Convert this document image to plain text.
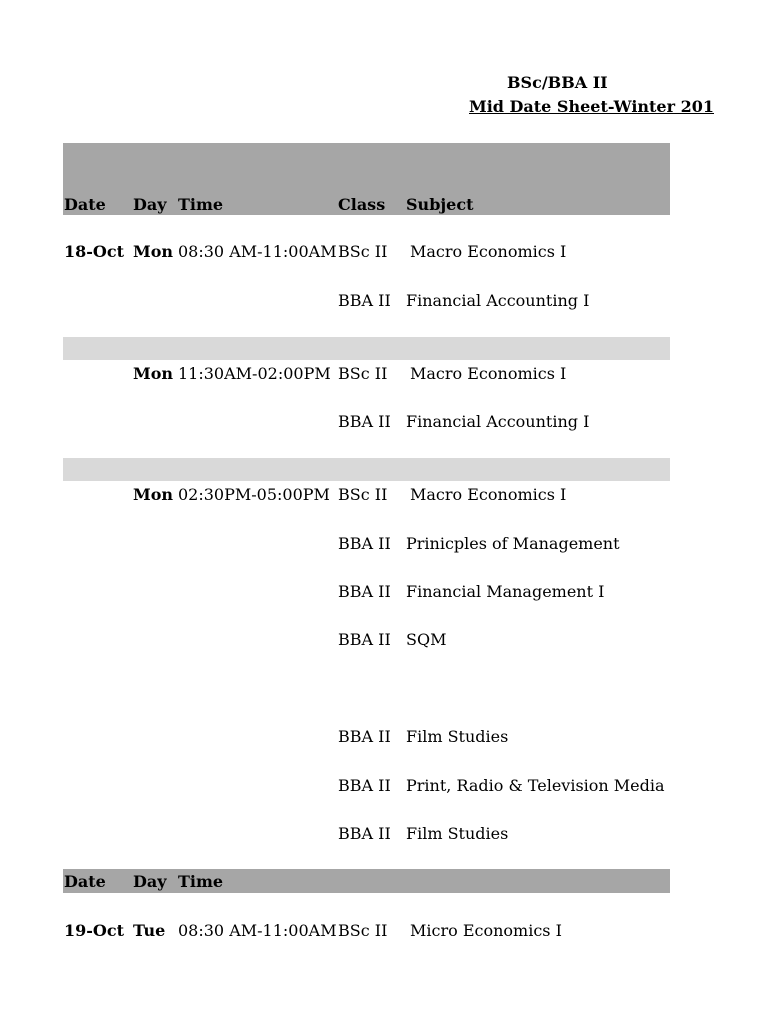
BSc/BBA II
Mid Date Sheet-Winter 201
Date Day Time	Class Subject
18-Oct Mon 08:30 AM-11:00AM BSc II Macro Economics I
BBA II Financial Accounting I
Mon 11:30AM-02:00PM BSc II Macro Economics I
BBA II Financial Accounting I
Mon 02:30PM-05:00PM BSc II Macro Economics I
BBA II Prinicples of Management
BBA II Financial Management I
BBA II SQM
BBA II Film Studies
BBA II Print, Radio & Television Media
BBA II Film Studies
Date Day Time
19-Oct Tue 08:30 AM-11:00AM BSc II Micro Economics I
